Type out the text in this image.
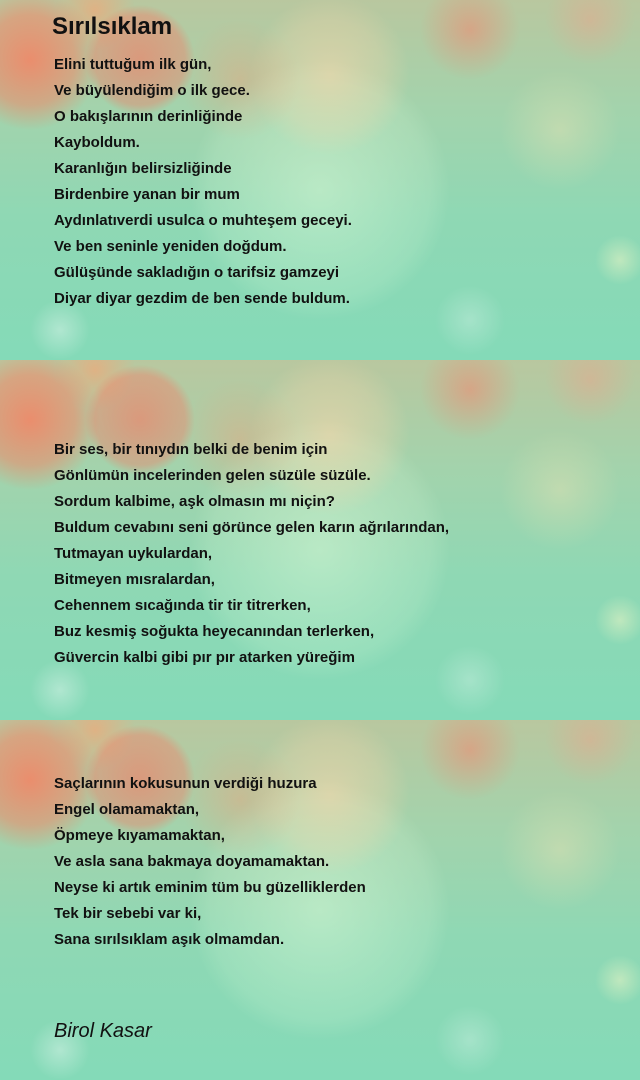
Sırılsıklam
Elini tuttuğum ilk gün,
Ve büyülendiğim o ilk gece.
O bakışlarının derinliğinde
Kayboldum.
Karanlığın belirsizliğinde
Birdenbire yanan bir mum
Aydınlatıverdi usulca o muhteşem geceyi.
Ve ben seninle yeniden doğdum.
Gülüşünde sakladığın o tarifsiz gamzeyi
Diyar diyar gezdim de ben sende buldum.
Bir ses, bir tınıydın belki de benim için
Gönlümün incelerinden gelen süzüle süzüle.
Sordum kalbime, aşk olmasın mı niçin?
Buldum cevabını seni görünce gelen karın ağrılarından,
Tutmayan uykulardan,
Bitmeyen mısralardan,
Cehennem sıcağında tir tir titrerken,
Buz kesmiş soğukta heyecanından terlerken,
Güvercin kalbi gibi pır pır atarken yüreğim
Saçlarının kokusunun verdiği huzura
Engel olamamaktan,
Öpmeye kıyamamaktan,
Ve asla sana bakmaya doyamamaktan.
Neyse ki artık eminim tüm bu güzelliklerden
Tek bir sebebi var ki,
Sana sırılsıklam aşık olmamdan.
Birol Kasar
